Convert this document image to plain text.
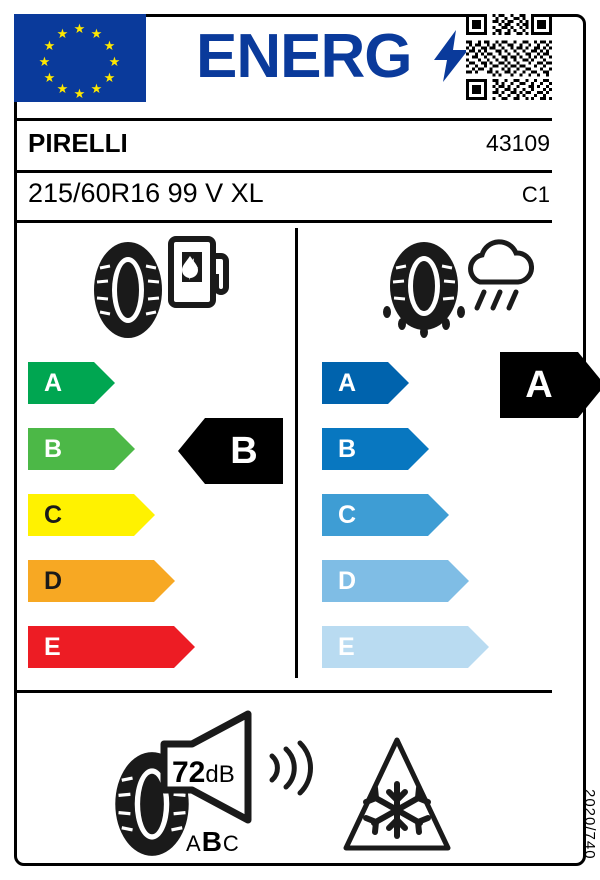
★
★
★
★
★
★ ★ ★
★
★
★
★ ENERG
PIRELLI	43109
215/60R16 99 V XL	C1
A
B
C
D
E
B
A
B
C
D
E
A
72dB
ABC	2020/740
